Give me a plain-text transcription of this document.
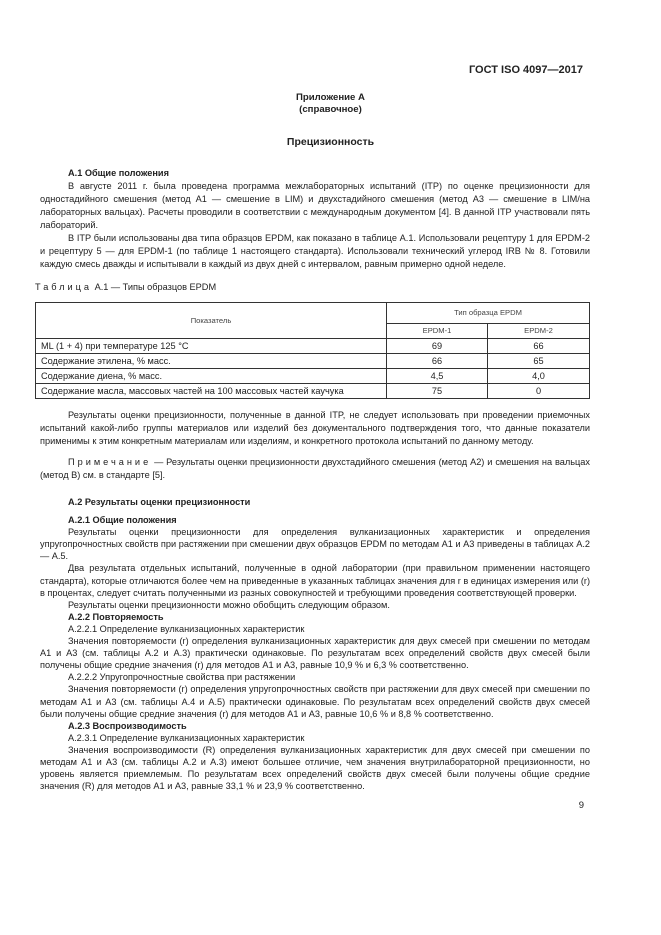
ГОСТ ISO 4097—2017
Приложение А
(справочное)
Прецизионность

А.1 Общие положения

В августе 2011 г. была проведена программа межлабораторных испытаний (ITP) по оценке прецизионности для одностадийного смешения (метод А1 — смешение в LIM) и двухстадийного смешения (метод А3 — смешение в LIM/на лабораторных вальцах). Расчеты проводили в соответствии с международным документом [4]. В данной ITP участвовали пять лабораторий.

В ITP были использованы два типа образцов EPDM, как показано в таблице А.1. Использовали рецептуру 1 для EPDM-2 и рецептуру 5 — для EPDM-1 (по таблице 1 настоящего стандарта). Использовали технический углерод IRB № 8. Готовили каждую смесь дважды и испытывали в каждый из двух дней с интервалом, равным примерно одной неделе.

Таблица А.1 — Типы образцов EPDM
Показатель	Тип образца EPDM	
	EPDM-1	EPDM-2
ML (1 + 4) при температуре 125 °C	69	66
Содержание этилена, % масс.	66	65
Содержание диена, % масс.	4,5	4,0
Содержание масла, массовых частей на 100 массовых частей каучука	75	0

Результаты оценки прецизионности, полученные в данной ITP, не следует использовать при проведении приемочных испытаний какой-либо группы материалов или изделий без документального подтверждения того, что данные показатели применимы к этим конкретным материалам или изделиям, и конкретного протокола испытаний по данному методу.

Примечание — Результаты оценки прецизионности двухстадийного смешения (метод А2) и смешения на вальцах (метод В) см. в стандарте [5].

А.2 Результаты оценки прецизионности

А.2.1 Общие положения

Результаты оценки прецизионности для определения вулканизационных характеристик и определения упругопрочностных свойств при растяжении при смешении двух образцов EPDM по методам А1 и А3 приведены в таблицах А.2 — А.5.

Два результата отдельных испытаний, полученные в одной лаборатории (при правильном применении настоящего стандарта), которые отличаются более чем на приведенные в указанных таблицах значения для r в единицах измерения или (r) в процентах, следует считать полученными из разных совокупностей и требующими проведения соответствующей проверки.

Результаты оценки прецизионности можно обобщить следующим образом.

А.2.2 Повторяемость

А.2.2.1 Определение вулканизационных характеристик

Значения повторяемости (r) определения вулканизационных характеристик для двух смесей при смешении по методам А1 и А3 (см. таблицы А.2 и А.3) практически одинаковые. По результатам всех определений свойств двух смесей были получены общие средние значения (r) для методов А1 и А3, равные 10,9 % и 6,3 % соответственно.

А.2.2.2 Упругопрочностные свойства при растяжении

Значения повторяемости (r) определения упругопрочностных свойств при растяжении для двух смесей при смешении по методам А1 и А3 (см. таблицы А.4 и А.5) практически одинаковые. По результатам всех определений свойств двух смесей были получены общие средние значения (r) для методов А1 и А3, равные 10,6 % и 8,8 % соответственно.

А.2.3 Воспроизводимость

А.2.3.1 Определение вулканизационных характеристик

Значения воспроизводимости (R) определения вулканизационных характеристик для двух смесей при смешении по методам А1 и А3 (см. таблицы А.2 и А.3) имеют большее отличие, чем значения внутрилабораторной прецизионности, но уровень является приемлемым. По результатам всех определений свойств двух смесей были получены общие средние значения (R) для методов А1 и А3, равные 33,1 % и 23,9 % соответственно.

9
